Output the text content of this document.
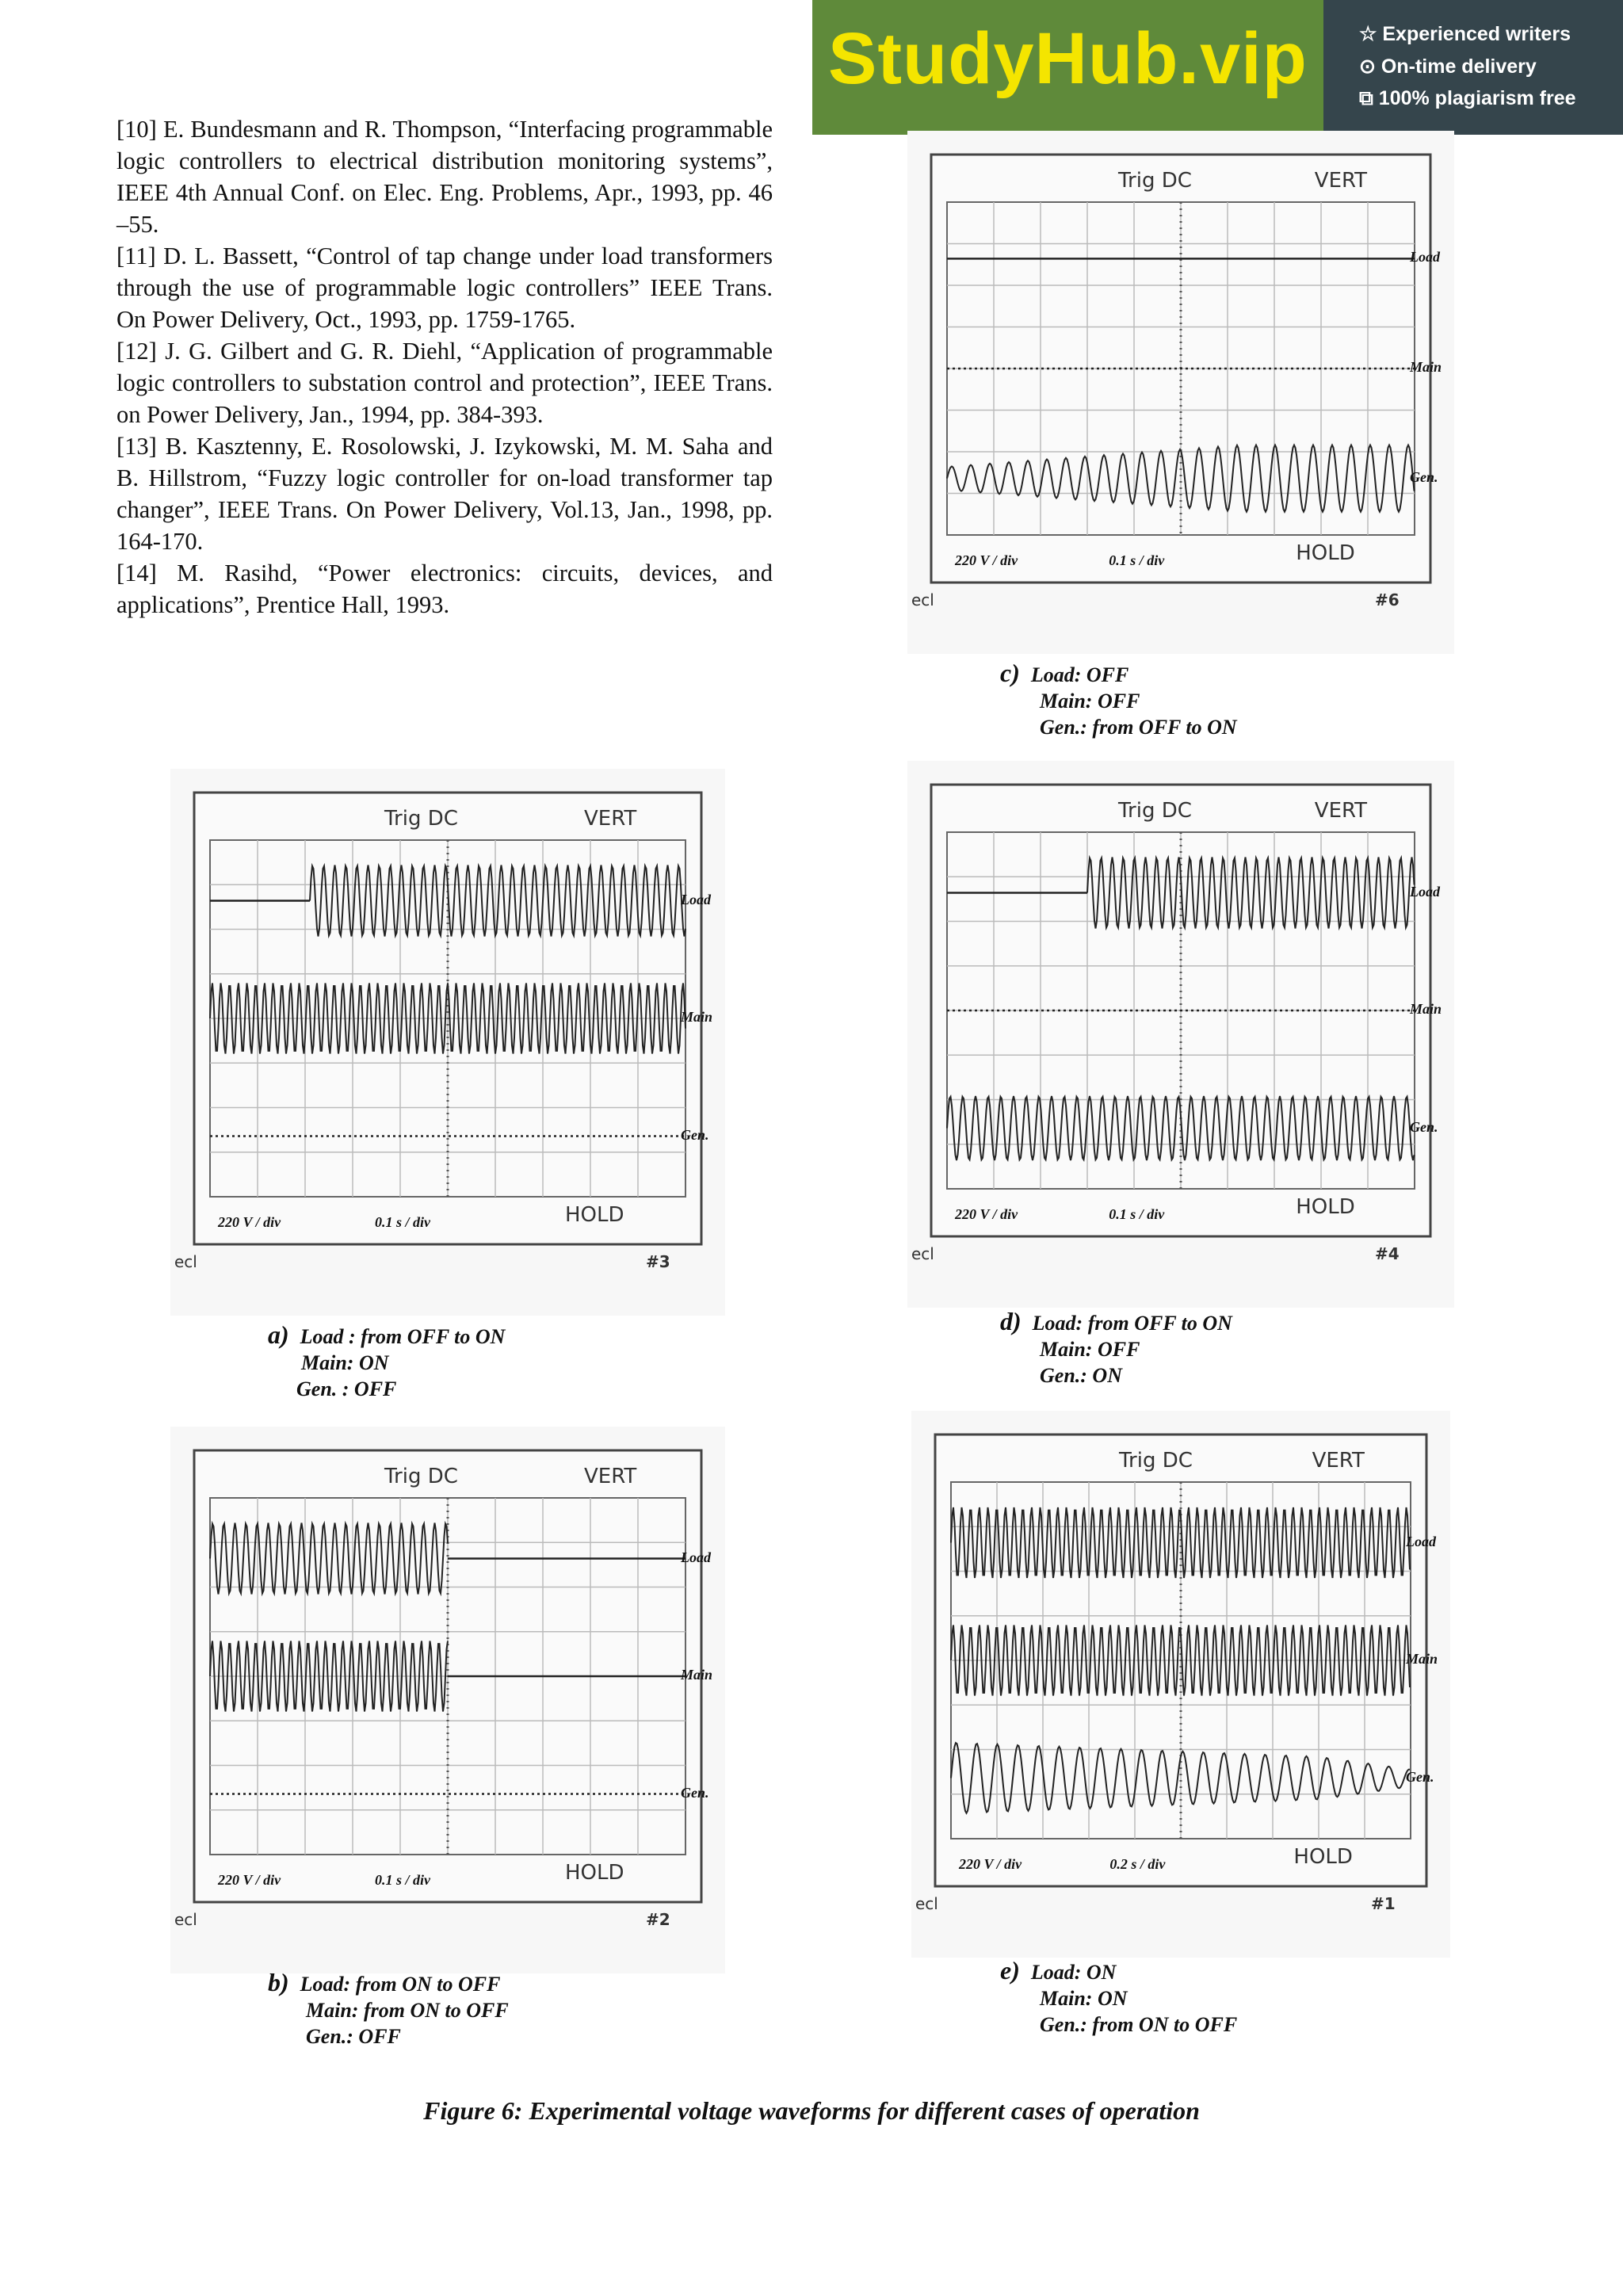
StudyHub.vip	☆ Experienced writers
⊙ On-time delivery
⧉ 100% plagiarism free

[10] E. Bundesmann and R. Thompson, “Interfacing programmable logic controllers to electrical distribution monitoring systems”, IEEE 4th Annual Conf. on Elec. Eng. Problems, Apr., 1993, pp. 46 –55.

[11] D. L. Bassett, “Control of tap change under load transformers through the use of programmable logic controllers” IEEE Trans. On Power Delivery, Oct., 1993, pp. 1759-1765.

[12] J. G. Gilbert and G. R. Diehl, “Application of programmable logic controllers to substation control and protection”, IEEE Trans. on Power Delivery, Jan., 1994, pp. 384-393.

[13] B. Kasztenny, E. Rosolowski, J. Izykowski, M. M. Saha and B. Hillstrom, “Fuzzy logic controller for on-load transformer tap changer”, IEEE Trans. On Power Delivery, Vol.13, Jan., 1998, pp. 164-170.

[14] M. Rasihd, “Power electronics: circuits, devices, and applications”, Prentice Hall, 1993.

Trig DC	VERT
HOLD
ecl	#6
220 V / div	0.1 s / div
Load
Main
Gen.
Trig DC	VERT
HOLD
ecl	#3
220 V / div	0.1 s / div
Load
Main
Gen.
Trig DC	VERT
HOLD
ecl	#4
220 V / div	0.1 s / div
Load
Main
Gen.
Trig DC	VERT
HOLD
ecl	#2
220 V / div	0.1 s / div
Load
Main
Gen.
Trig DC	VERT
HOLD
ecl	#1
220 V / div	0.2 s / div
Load
Main
Gen.
c) Load: OFF
Main: OFF
Gen.: from OFF to ON
a) Load : from OFF to ON
Main: ON
Gen. : OFF
d) Load: from OFF to ON
Main: OFF
Gen.: ON
b) Load: from ON to OFF
Main: from ON to OFF
Gen.: OFF
e) Load: ON
Main: ON
Gen.: from ON to OFF
Figure 6: Experimental voltage waveforms for different cases of operation
